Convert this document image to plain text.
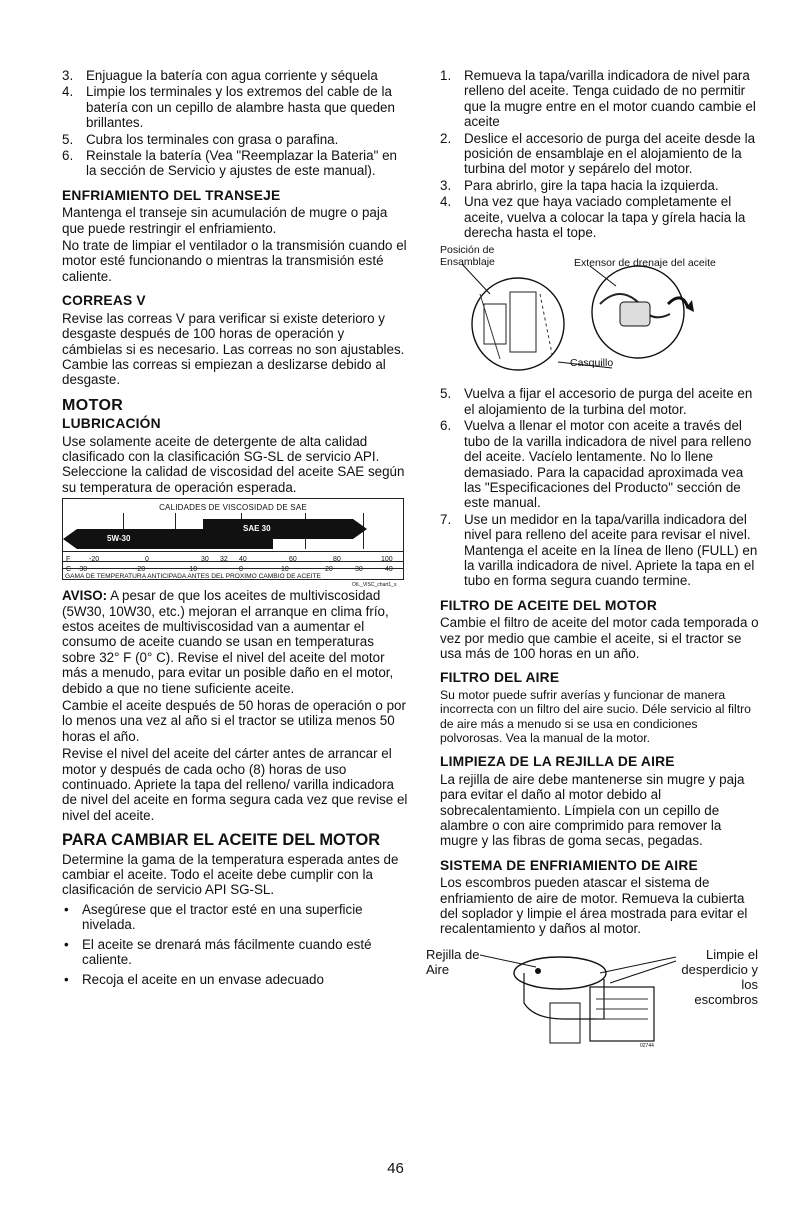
3. Enjuague la batería con agua corriente y séquela
4. Limpie los terminales y los extremos del cable de la batería con un cepillo de alambre hasta que queden brillantes.
5. Cubra los terminales con grasa o parafina.
6. Reinstale la batería (Vea "Reemplazar la Bateria" en la sección de Servicio y ajustes de este manual).
ENFRIAMIENTO DEL TRANSEJE

Mantenga el transeje sin acumulación de mugre o paja que puede restringir el enfriamiento.

No trate de limpiar el ventilador o la transmisión cuando el motor esté funcionando o mientras la transmisión esté caliente.

CORREAS V

Revise las correas V para verificar si existe deterioro y desgaste después de 100 horas de operación y cámbielas si es necesario. Las correas no son ajustables. Cambie las correas si empiezan a deslizarse debido al desgaste.

MOTOR
LUBRICACIÓN

Use solamente aceite de detergente de alta calidad clasificado con la clasificación SG-SL de servicio API. Seleccione la calidad de viscosidad del aceite SAE según su temperatura de operación esperada.

CALIDADES DE VISCOSIDAD DE SAE
5W-30
SAE 30
F	-20	0	30 32 40	60	80	100
C -30	-20	-10	0	10	20	30	40
GAMA DE TEMPERATURA ANTICIPADA ANTES DEL PROXIMO CAMBIO DE ACEITE
OIL_VISC_chart1_s

AVISO: A pesar de que los aceites de multiviscosidad (5W30, 10W30, etc.) mejoran el arranque en clima frío, estos aceites de multiviscosidad van a aumentar el consumo de aceite cuando se usan en temperaturas sobre 32° F (0° C). Revise el nivel del aceite del motor más a menudo, para evitar un posible daño en el motor, debido a que no tiene suficiente aceite.

Cambie el aceite después de 50 horas de operación o por lo menos una vez al año si el tractor se utiliza menos 50 horas el año.

Revise el nivel del aceite del cárter antes de arrancar el motor y después de cada ocho (8) horas de uso continuado. Apriete la tapa del relleno/ varilla indicadora de nivel del aceite en forma segura cada vez que revise el nivel del aceite.

PARA CAMBIAR EL ACEITE DEL MOTOR

Determine la gama de la temperatura esperada antes de cambiar el aceite. Todo el aceite debe cumplir con la clasificación de servicio API SG-SL.

• Asegúrese que el tractor esté en una superficie nivelada.
• El aceite se drenará más fácilmente cuando esté caliente.
• Recoja el aceite en un envase adecuado
1. Remueva la tapa/varilla indicadora de nivel para relleno del aceite. Tenga cuidado de no permitir que la mugre entre en el motor cuando cambie el aceite
2. Deslice el accesorio de purga del aceite desde la posición de ensamblaje en el alojamiento de la turbina del motor y sepárelo del motor.
3. Para abrirlo, gire la tapa hacia la izquierda.
4. Una vez que haya vaciado completamente el aceite, vuelva a colocar la tapa y gírela hacia la derecha hasta el tope.
Posición de Ensamblaje	Extensor de drenaje del aceite
Casquillo
5. Vuelva a fijar el accesorio de purga del aceite en el alojamiento de la turbina del motor.
6. Vuelva a llenar el motor con aceite a través del tubo de la varilla indicadora de nivel para relleno del aceite. Vacíelo lentamente. No lo llene demasiado. Para la capacidad aproximada vea las "Especificaciones del Producto" sección de este manual.
7. Use un medidor en la tapa/varilla indicadora del nivel para relleno del aceite para revisar el nivel. Mantenga el aceite en la línea de lleno (FULL) en la varilla indicadora de nivel. Apriete la tapa en el tubo en forma segura cuando termine.
FILTRO DE ACEITE DEL MOTOR

Cambie el filtro de aceite del motor cada temporada o vez por medio que cambie el aceite, si el tractor se usa más de 100 horas en un año.

FILTRO DEL AIRE

Su motor puede sufrir averías y funcionar de manera incorrecta con un filtro del aire sucio. Déle servicio al filtro de aire más a menudo si se usa en condiciones polvorosas. Vea la manual de la motor.

LIMPIEZA DE LA REJILLA DE AIRE

La rejilla de aire debe mantenerse sin mugre y paja para evitar el daño al motor debido al sobrecalentamiento. Límpiela con un cepillo de alambre o con aire comprimido para remover la mugre y las fibras de goma secas, pegadas.

SISTEMA DE ENFRIAMIENTO DE AIRE

Los escombros pueden atascar el sistema de enfriamiento de aire de motor. Remueva la cubierta del soplador y limpie el área mostrada para evitar el recalentamiento y daños al motor.

Rejilla de Aire
Limpie el desperdicio y los escombros
02744
46
